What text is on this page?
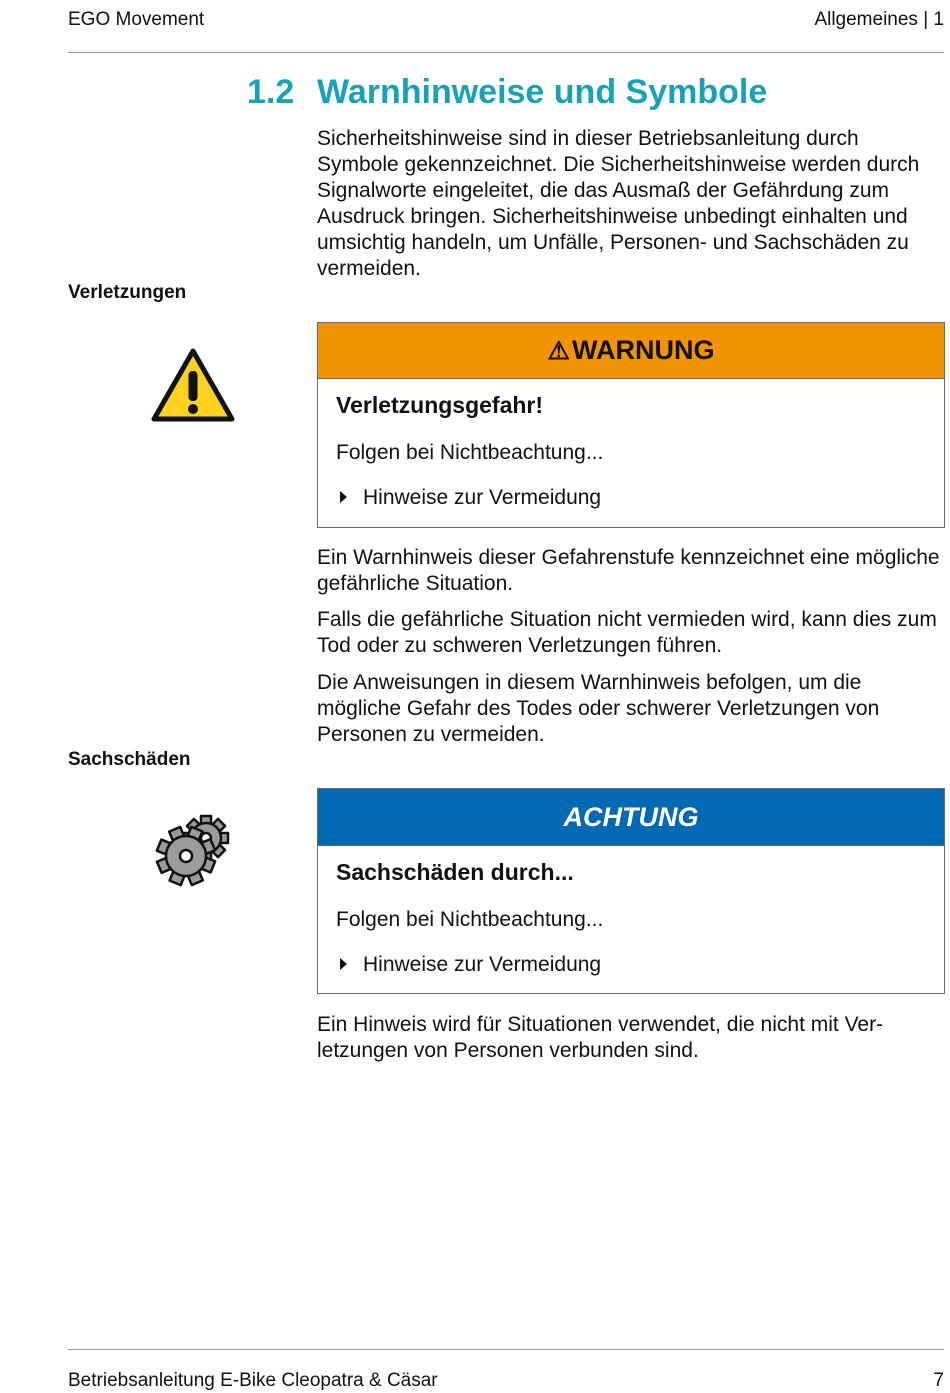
EGO Movement	Allgemeines | 1
1.2 Warnhinweise und Symbole

Sicherheitshinweise sind in dieser Betriebsanleitung durch Symbole gekennzeichnet. Die Sicherheitshinweise werden durch Signalworte eingeleitet, die das Ausmaß der Gefährdung zum Ausdruck bringen. Sicherheitshinweise unbedingt einhalten und umsichtig handeln, um Unfälle, Personen- und Sachschäden zu vermeiden.

Verletzungen

⚠WARNUNG
Verletzungsgefahr!
Folgen bei Nichtbeachtung...
Hinweise zur Vermeidung

Ein Warnhinweis dieser Gefahrenstufe kennzeichnet eine mögliche gefährliche Situation.

Falls die gefährliche Situation nicht vermieden wird, kann dies zum Tod oder zu schweren Verletzungen führen.

Die Anweisungen in diesem Warnhinweis befolgen, um die mögliche Gefahr des Todes oder schwerer Verletzungen von Personen zu vermeiden.

Sachschäden

ACHTUNG
Sachschäden durch...
Folgen bei Nichtbeachtung...
Hinweise zur Vermeidung

Ein Hinweis wird für Situationen verwendet, die nicht mit Verletzungen von Personen verbunden sind.

Betriebsanleitung E-Bike Cleopatra & Cäsar	7
